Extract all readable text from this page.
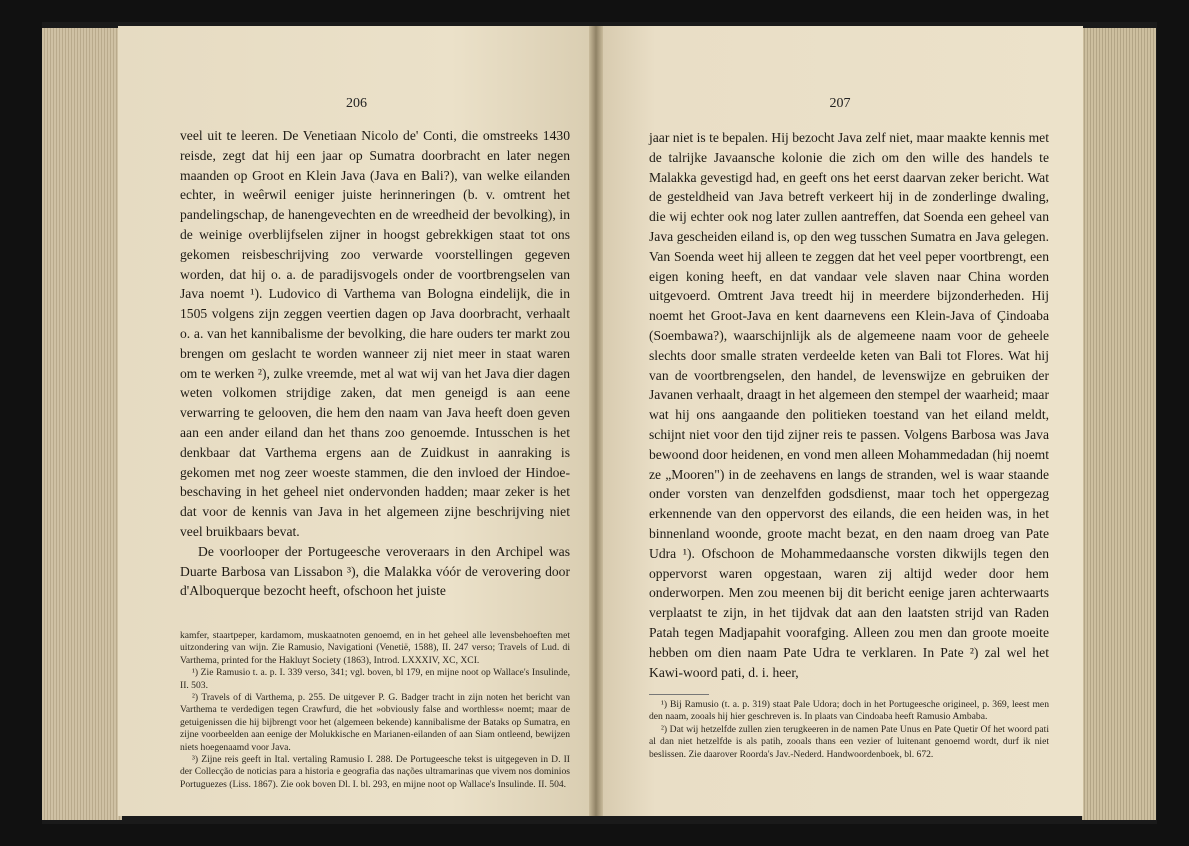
206

veel uit te leeren. De Venetiaan Nicolo de' Conti, die omstreeks 1430 reisde, zegt dat hij een jaar op Sumatra doorbracht en later negen maanden op Groot en Klein Java (Java en Bali?), van welke eilanden echter, in weêrwil eeniger juiste herinneringen (b. v. omtrent het pandelingschap, de hanengevechten en de wreedheid der bevolking), in de weinige overblijfselen zijner in hoogst gebrekkigen staat tot ons gekomen reisbeschrijving zoo verwarde voorstellingen gegeven worden, dat hij o. a. de paradijsvogels onder de voortbrengselen van Java noemt ¹). Ludovico di Varthema van Bologna eindelijk, die in 1505 volgens zijn zeggen veertien dagen op Java doorbracht, verhaalt o. a. van het kannibalisme der bevolking, die hare ouders ter markt zou brengen om geslacht te worden wanneer zij niet meer in staat waren om te werken ²), zulke vreemde, met al wat wij van het Java dier dagen weten volkomen strijdige zaken, dat men geneigd is aan eene verwarring te gelooven, die hem den naam van Java heeft doen geven aan een ander eiland dan het thans zoo genoemde. Intusschen is het denkbaar dat Varthema ergens aan de Zuidkust in aanraking is gekomen met nog zeer woeste stammen, die den invloed der Hindoe-beschaving in het geheel niet ondervonden hadden; maar zeker is het dat voor de kennis van Java in het algemeen zijne beschrijving niet veel bruikbaars bevat.

De voorlooper der Portugeesche veroveraars in den Archipel was Duarte Barbosa van Lissabon ³), die Malakka vóór de verovering door d'Alboquerque bezocht heeft, ofschoon het juiste

kamfer, staartpeper, kardamom, muskaatnoten genoemd, en in het geheel alle levensbehoeften met uitzondering van wijn. Zie Ramusio, Navigationi (Venetië, 1588), II. 247 verso; Travels of Lud. di Varthema, printed for the Hakluyt Society (1863), Introd. LXXXIV, XC, XCI.

¹) Zie Ramusio t. a. p. I. 339 verso, 341; vgl. boven, bl 179, en mijne noot op Wallace's Insulinde, II. 503.

²) Travels of di Varthema, p. 255. De uitgever P. G. Badger tracht in zijn noten het bericht van Varthema te verdedigen tegen Crawfurd, die het »obviously false and worthless« noemt; maar de getuigenissen die hij bijbrengt voor het (algemeen bekende) kannibalisme der Bataks op Sumatra, en zijne voorbeelden aan eenige der Molukkische en Marianen-eilanden of aan Siam ontleend, bewijzen niets hoegenaamd voor Java.

³) Zijne reis geeft in Ital. vertaling Ramusio I. 288. De Portugeesche tekst is uitgegeven in D. II der Collecção de noticias para a historia e geografia das nações ultramarinas que vivem nos dominios Portuguezes (Liss. 1867). Zie ook boven Dl. I. bl. 293, en mijne noot op Wallace's Insulinde. II. 504.

207

jaar niet is te bepalen. Hij bezocht Java zelf niet, maar maakte kennis met de talrijke Javaansche kolonie die zich om den wille des handels te Malakka gevestigd had, en geeft ons het eerst daarvan zeker bericht. Wat de gesteldheid van Java betreft verkeert hij in de zonderlinge dwaling, die wij echter ook nog later zullen aantreffen, dat Soenda een geheel van Java gescheiden eiland is, op den weg tusschen Sumatra en Java gelegen. Van Soenda weet hij alleen te zeggen dat het veel peper voortbrengt, een eigen koning heeft, en dat vandaar vele slaven naar China worden uitgevoerd. Omtrent Java treedt hij in meerdere bijzonderheden. Hij noemt het Groot-Java en kent daarnevens een Klein-Java of Çindoaba (Soembawa?), waarschijnlijk als de algemeene naam voor de geheele slechts door smalle straten verdeelde keten van Bali tot Flores. Wat hij van de voortbrengselen, den handel, de levenswijze en gebruiken der Javanen verhaalt, draagt in het algemeen den stempel der waarheid; maar wat hij ons aangaande den politieken toestand van het eiland meldt, schijnt niet voor den tijd zijner reis te passen. Volgens Barbosa was Java bewoond door heidenen, en vond men alleen Mohammedadan (hij noemt ze „Mooren") in de zeehavens en langs de stranden, wel is waar staande onder vorsten van denzelfden godsdienst, maar toch het oppergezag erkennende van den oppervorst des eilands, die een heiden was, in het binnenland woonde, groote macht bezat, en den naam droeg van Pate Udra ¹). Ofschoon de Mohammedaansche vorsten dikwijls tegen den oppervorst waren opgestaan, waren zij altijd weder door hem onderworpen. Men zou meenen bij dit bericht eenige jaren achterwaarts verplaatst te zijn, in het tijdvak dat aan den laatsten strijd van Raden Patah tegen Madjapahit voorafging. Alleen zou men dan groote moeite hebben om dien naam Pate Udra te verklaren. In Pate ²) zal wel het Kawi-woord pati, d. i. heer,

¹) Bij Ramusio (t. a. p. 319) staat Pale Udora; doch in het Portugeesche origineel, p. 369, leest men den naam, zooals hij hier geschreven is. In plaats van Cindoaba heeft Ramusio Ambaba.

²) Dat wij hetzelfde zullen zien terugkeeren in de namen Pate Unus en Pate Quetir Of het woord pati al dan niet hetzelfde is als patih, zooals thans een vezier of luitenant genoemd wordt, durf ik niet beslissen. Zie daarover Roorda's Jav.-Nederd. Handwoordenboek, bl. 672.
